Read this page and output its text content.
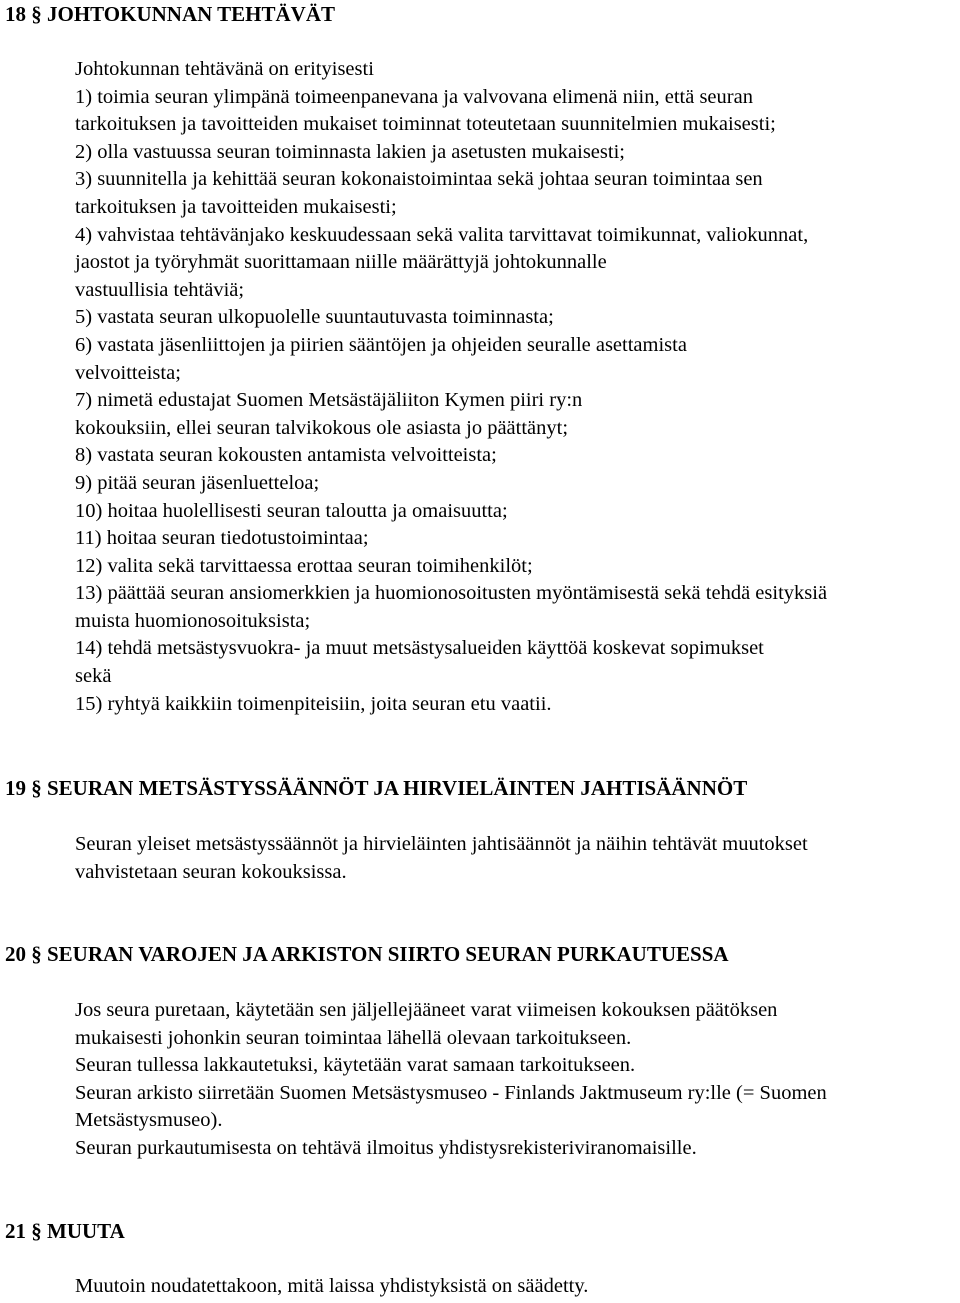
18 § JOHTOKUNNAN TEHTÄVÄT
Johtokunnan tehtävänä on erityisesti
1) toimia seuran ylimpänä toimeenpanevana ja valvovana elimenä niin, että seuran
tarkoituksen ja tavoitteiden mukaiset toiminnat toteutetaan suunnitelmien mukaisesti;
2) olla vastuussa seuran toiminnasta lakien ja asetusten mukaisesti;
3) suunnitella ja kehittää seuran kokonaistoimintaa sekä johtaa seuran toimintaa sen
tarkoituksen ja tavoitteiden mukaisesti;
4) vahvistaa tehtävänjako keskuudessaan sekä valita tarvittavat toimikunnat, valiokunnat,
jaostot ja työryhmät suorittamaan niille määrättyjä johtokunnalle
vastuullisia tehtäviä;
5) vastata seuran ulkopuolelle suuntautuvasta toiminnasta;
6) vastata jäsenliittojen ja piirien sääntöjen ja ohjeiden seuralle asettamista
velvoitteista;
7) nimetä edustajat Suomen Metsästäjäliiton Kymen piiri ry:n
kokouksiin, ellei seuran talvikokous ole asiasta jo päättänyt;
8) vastata seuran kokousten antamista velvoitteista;
9) pitää seuran jäsenluetteloa;
10) hoitaa huolellisesti seuran taloutta ja omaisuutta;
11) hoitaa seuran tiedotustoimintaa;
12) valita sekä tarvittaessa erottaa seuran toimihenkilöt;
13) päättää seuran ansiomerkkien ja huomionosoitusten myöntämisestä sekä tehdä esityksiä
muista huomionosoituksista;
14) tehdä metsästysvuokra- ja muut metsästysalueiden käyttöä koskevat sopimukset
sekä
15) ryhtyä kaikkiin toimenpiteisiin, joita seuran etu vaatii.
19 § SEURAN METSÄSTYSSÄÄNNÖT JA HIRVIELÄINTEN JAHTISÄÄNNÖT
Seuran yleiset metsästyssäännöt ja hirvieläinten jahtisäännöt ja näihin tehtävät muutokset
vahvistetaan seuran kokouksissa.
20 § SEURAN VAROJEN JA ARKISTON SIIRTO SEURAN PURKAUTUESSA
Jos seura puretaan, käytetään sen jäljellejääneet varat viimeisen kokouksen päätöksen
mukaisesti johonkin seuran toimintaa lähellä olevaan tarkoitukseen.
Seuran tullessa lakkautetuksi, käytetään varat samaan tarkoitukseen.
Seuran arkisto siirretään Suomen Metsästysmuseo - Finlands Jaktmuseum ry:lle (= Suomen
Metsästysmuseo).
Seuran purkautumisesta on tehtävä ilmoitus yhdistysrekisteriviranomaisille.
21 § MUUTA
Muutoin noudatettakoon, mitä laissa yhdistyksistä on säädetty.
